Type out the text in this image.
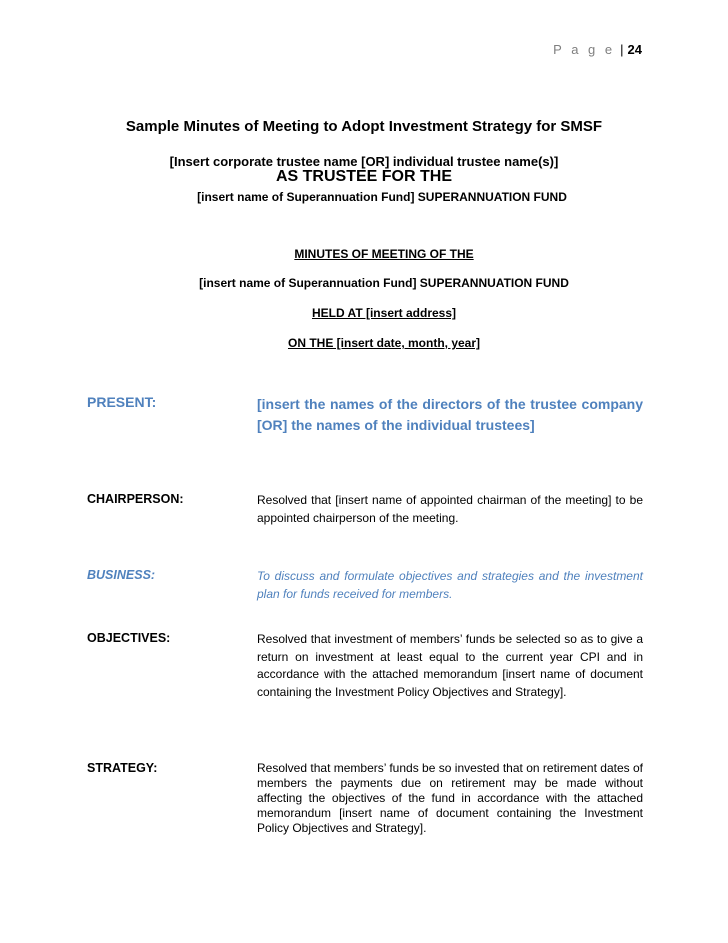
P a g e | 24
Sample Minutes of Meeting to Adopt Investment Strategy for SMSF
[Insert corporate trustee name [OR] individual trustee name(s)]
AS TRUSTEE FOR THE
[insert name of Superannuation Fund] SUPERANNUATION FUND
MINUTES OF MEETING OF THE
[insert name of Superannuation Fund] SUPERANNUATION FUND
HELD AT [insert address]
ON THE [insert date, month, year]
PRESENT:	[insert the names of the directors of the trustee company [OR] the names of the individual trustees]
CHAIRPERSON:	Resolved that [insert name of appointed chairman of the meeting] to be appointed chairperson of the meeting.
BUSINESS:	To discuss and formulate objectives and strategies and the investment plan for funds received for members.
OBJECTIVES:	Resolved that investment of members’ funds be selected so as to give a return on investment at least equal to the current year CPI and in accordance with the attached memorandum [insert name of document containing the Investment Policy Objectives and Strategy].
STRATEGY:	Resolved that members’ funds be so invested that on retirement dates of members the payments due on retirement may be made without affecting the objectives of the fund in accordance with the attached memorandum [insert name of document containing the Investment Policy Objectives and Strategy].
